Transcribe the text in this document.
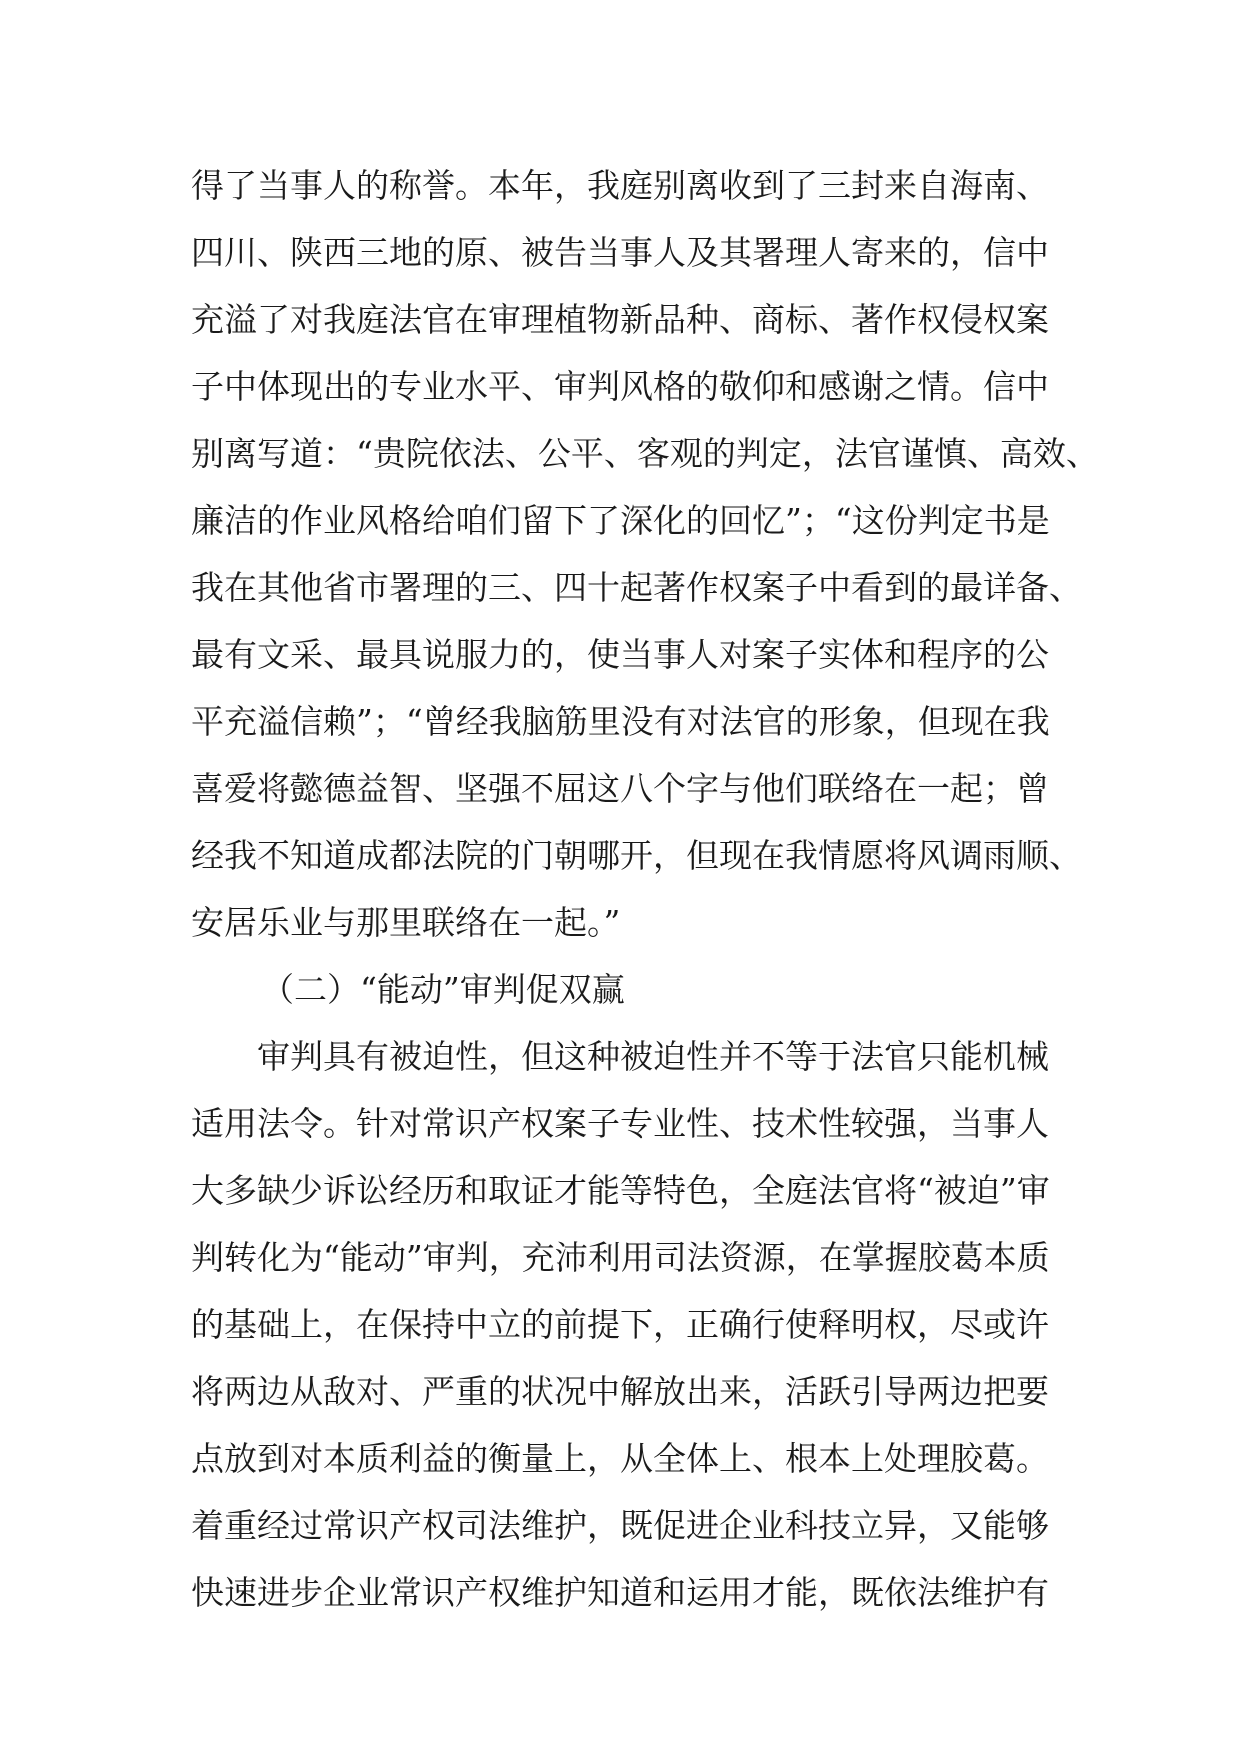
得了当事人的称誉。本年，我庭别离收到了三封来自海南、
四川、陕西三地的原、被告当事人及其署理人寄来的，信中
充溢了对我庭法官在审理植物新品种、商标、著作权侵权案
子中体现出的专业水平、审判风格的敬仰和感谢之情。信中
别离写道：“贵院依法、公平、客观的判定，法官谨慎、高效、
廉洁的作业风格给咱们留下了深化的回忆”；“这份判定书是
我在其他省市署理的三、四十起著作权案子中看到的最详备、
最有文采、最具说服力的，使当事人对案子实体和程序的公
平充溢信赖”；“曾经我脑筋里没有对法官的形象，但现在我
喜爱将懿德益智、坚强不屈这八个字与他们联络在一起；曾
经我不知道成都法院的门朝哪开，但现在我情愿将风调雨顺、
安居乐业与那里联络在一起。”
（二）“能动”审判促双赢
审判具有被迫性，但这种被迫性并不等于法官只能机械
适用法令。针对常识产权案子专业性、技术性较强，当事人
大多缺少诉讼经历和取证才能等特色，全庭法官将“被迫”审
判转化为“能动”审判，充沛利用司法资源，在掌握胶葛本质
的基础上，在保持中立的前提下，正确行使释明权，尽或许
将两边从敌对、严重的状况中解放出来，活跃引导两边把要
点放到对本质利益的衡量上，从全体上、根本上处理胶葛。
着重经过常识产权司法维护，既促进企业科技立异，又能够
快速进步企业常识产权维护知道和运用才能，既依法维护有
